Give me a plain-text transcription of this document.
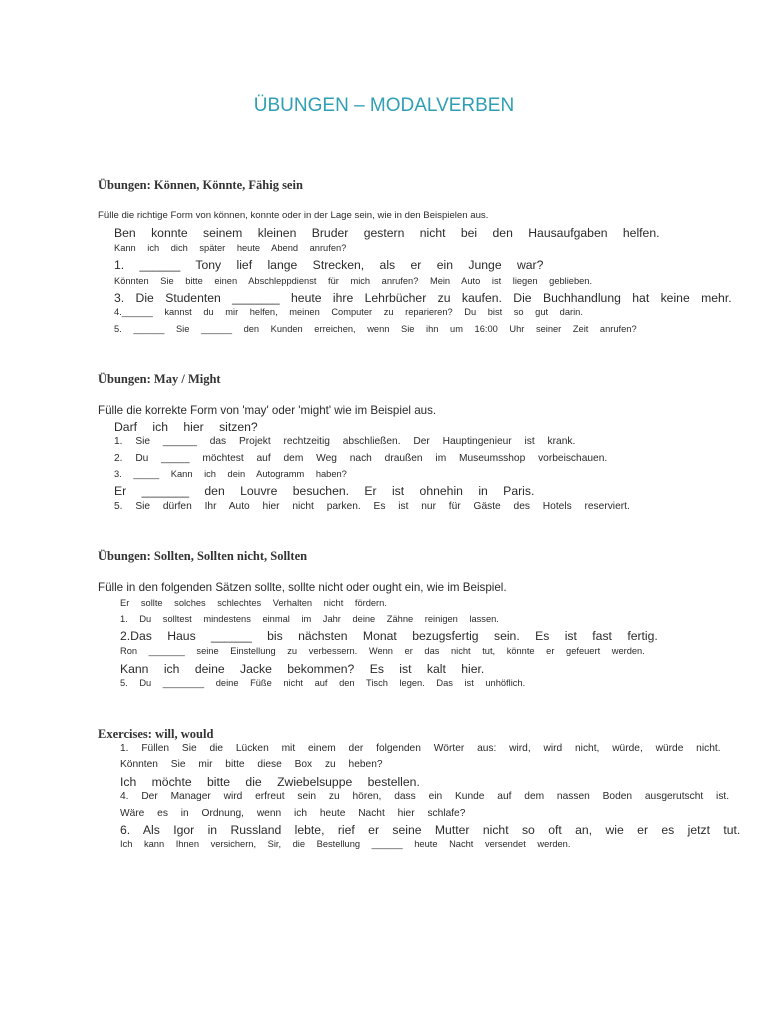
ÜBUNGEN – MODALVERBEN
Übungen: Können, Könnte, Fähig sein
Fülle die richtige Form von können, konnte oder in der Lage sein, wie in den Beispielen aus.
Ben konnte seinem kleinen Bruder gestern nicht bei den Hausaufgaben helfen.
Kann ich dich später heute Abend anrufen?
1. ______ Tony lief lange Strecken, als er ein Junge war?
Könnten Sie bitte einen Abschleppdienst für mich anrufen? Mein Auto ist liegen geblieben.
3. Die Studenten _______ heute ihre Lehrbücher zu kaufen. Die Buchhandlung hat keine mehr.
4.______ kannst du mir helfen, meinen Computer zu reparieren? Du bist so gut darin.
5. ______ Sie ______ den Kunden erreichen, wenn Sie ihn um 16:00 Uhr seiner Zeit anrufen?
Übungen: May / Might
Fülle die korrekte Form von 'may' oder 'might' wie im Beispiel aus.
Darf ich hier sitzen?
1. Sie ______ das Projekt rechtzeitig abschließen. Der Hauptingenieur ist krank.
2. Du _____ möchtest auf dem Weg nach draußen im Museumsshop vorbeischauen.
3. _____ Kann ich dein Autogramm haben?
Er _______ den Louvre besuchen. Er ist ohnehin in Paris.
5. Sie dürfen Ihr Auto hier nicht parken. Es ist nur für Gäste des Hotels reserviert.
Übungen: Sollten, Sollten nicht, Sollten
Fülle in den folgenden Sätzen sollte, sollte nicht oder ought ein, wie im Beispiel.
Er sollte solches schlechtes Verhalten nicht fördern.
1. Du solltest mindestens einmal im Jahr deine Zähne reinigen lassen.
2.Das Haus ______ bis nächsten Monat bezugsfertig sein. Es ist fast fertig.
Ron _______ seine Einstellung zu verbessern. Wenn er das nicht tut, könnte er gefeuert werden.
Kann ich deine Jacke bekommen? Es ist kalt hier.
5. Du ________ deine Füße nicht auf den Tisch legen. Das ist unhöflich.
Exercises: will, would
1. Füllen Sie die Lücken mit einem der folgenden Wörter aus: wird, wird nicht, würde, würde nicht.
Könnten Sie mir bitte diese Box zu heben?
Ich möchte bitte die Zwiebelsuppe bestellen.
4. Der Manager wird erfreut sein zu hören, dass ein Kunde auf dem nassen Boden ausgerutscht ist.
Wäre es in Ordnung, wenn ich heute Nacht hier schlafe?
6. Als Igor in Russland lebte, rief er seine Mutter nicht so oft an, wie er es jetzt tut.
Ich kann Ihnen versichern, Sir, die Bestellung ______ heute Nacht versendet werden.
